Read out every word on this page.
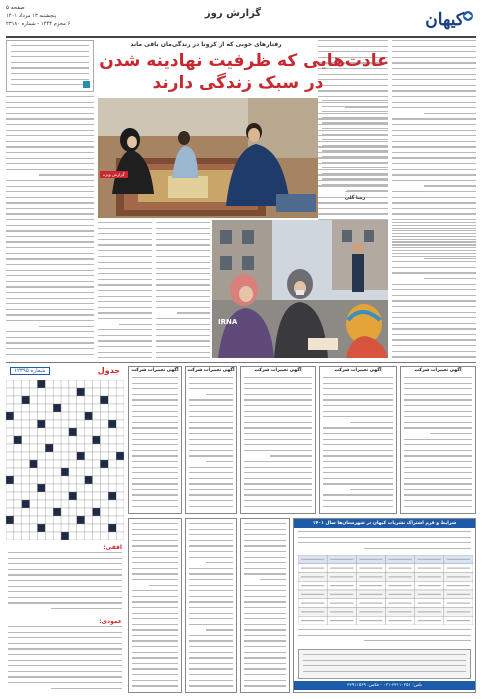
کیهان
صفحه ۵
پنجشنبه ۱۳ مرداد ۱۴۰۱
۶ محرم ۱۴۴۴ - شماره ۲۳۱۸۰
گزارش روز
رفتارهای خوبی که از کرونا در زندگی‌مان باقی ماند
عادت‌هایی که ظرفیت نهادینه شدن
در سبک زندگی دارند
گزارش ویژه
رضا گلی
IRNA
جدول
شماره ۱۲۳۹۵
افقی:
عمودی:
آگهی تغییرات شرکت	آگهی تغییرات شرکت	آگهی تغییرات شرکت	آگهی تغییرات شرکت	آگهی تغییرات شرکت
شرایط و فرم اشتراک نشریات کیهان در شهرستان‌ها سال ۱۴۰۱
تلفن: ۳۳۱۱۰۲۵۱-۰۲۱ - فکس: ۳۳۹۱۱۵۶۹
